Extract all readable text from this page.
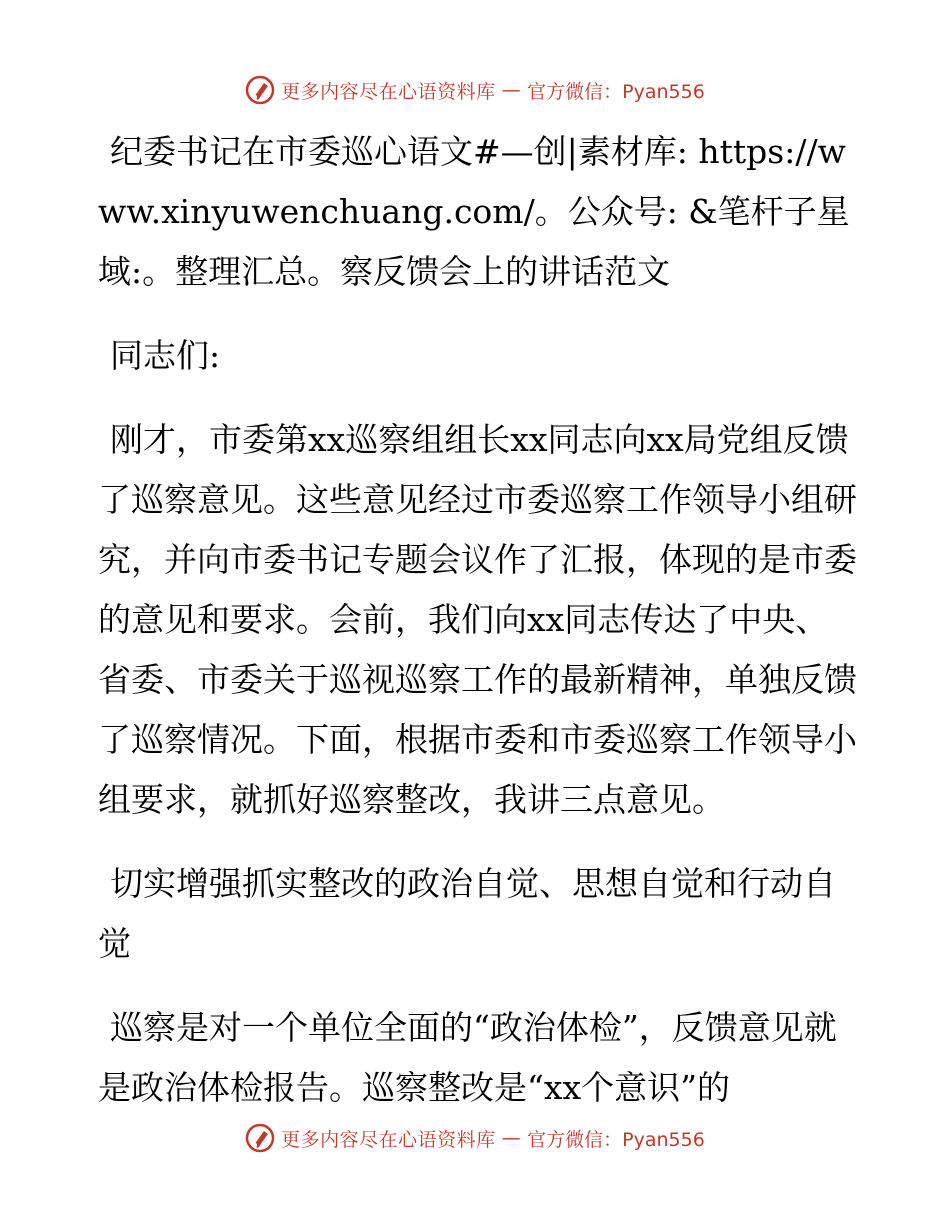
更多内容尽在心语资料库 — 官方微信：Pyan556

纪委书记在市委巡心语文#—创|素材库: https://www.xinyuwenchuang.com/。公众号: &笔杆子星域:。整理汇总。察反馈会上的讲话范文

同志们:

刚才，市委第xx巡察组组长xx同志向xx局党组反馈了巡察意见。这些意见经过市委巡察工作领导小组研究，并向市委书记专题会议作了汇报，体现的是市委的意见和要求。会前，我们向xx同志传达了中央、省委、市委关于巡视巡察工作的最新精神，单独反馈了巡察情况。下面，根据市委和市委巡察工作领导小组要求，就抓好巡察整改，我讲三点意见。

切实增强抓实整改的政治自觉、思想自觉和行动自觉

巡察是对一个单位全面的“政治体检”，反馈意见就是政治体检报告。巡察整改是“xx个意识”的

更多内容尽在心语资料库 — 官方微信：Pyan556
